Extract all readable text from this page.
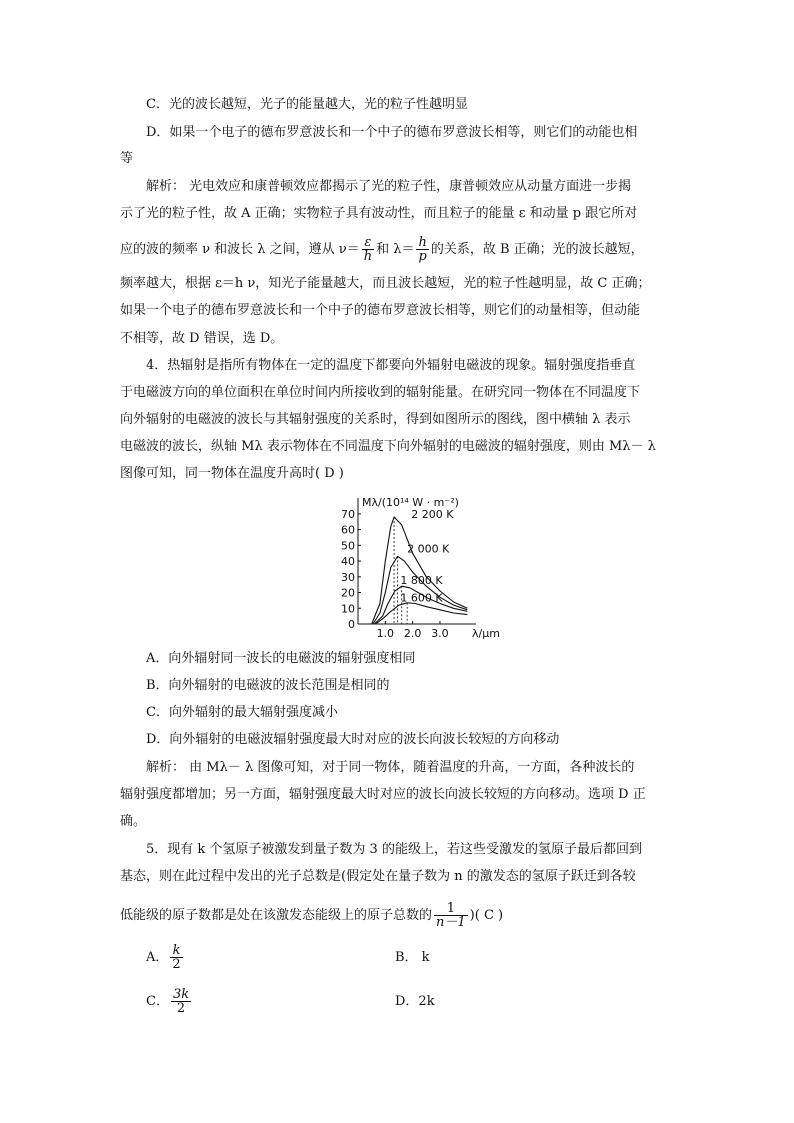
C．光的波长越短，光子的能量越大，光的粒子性越明显
D．如果一个电子的德布罗意波长和一个中子的德布罗意波长相等，则它们的动能也相
等
解析： 光电效应和康普顿效应都揭示了光的粒子性，康普顿效应从动量方面进一步揭
示了光的粒子性，故 A 正确；实物粒子具有波动性，而且粒子的能量 ε 和动量 p 跟它所对
应的波的频率 ν 和波长 λ 之间，遵从 $\nu= \frac{\varepsilon}{h}$ 和 $\lambda= \frac{h}{p}$ 的关系，故 B 正确；光的波长越短，
频率越大，根据 ε＝h ν，知光子能量越大，而且波长越短，光的粒子性越明显，故 C 正确；
如果一个电子的德布罗意波长和一个中子的德布罗意波长相等，则它们的动量相等，但动能
不相等，故 D 错误，选 D。
4．热辐射是指所有物体在一定的温度下都要向外辐射电磁波的现象。辐射强度指垂直
于电磁波方向的单位面积在单位时间内所接收到的辐射能量。在研究同一物体在不同温度下
向外辐射的电磁波的波长与其辐射强度的关系时，得到如图所示的图线，图中横轴 λ 表示
电磁波的波长，纵轴 Mλ 表示物体在不同温度下向外辐射的电磁波的辐射强度，则由 Mλ－ λ
图像可知，同一物体在温度升高时( D )
0
10
20
30
40
50
60
70
1.0 2.0 3.0
Mλ/(10¹⁴ W · m⁻²)
λ/μm
2 200 K
2 000 K
1 800 K
1 600 K
A．向外辐射同一波长的电磁波的辐射强度相同
B．向外辐射的电磁波的波长范围是相同的
C．向外辐射的最大辐射强度减小
D．向外辐射的电磁波辐射强度最大时对应的波长向波长较短的方向移动
解析： 由 Mλ－ λ 图像可知，对于同一物体，随着温度的升高，一方面，各种波长的
辐射强度都增加；另一方面，辐射强度最大时对应的波长向波长较短的方向移动。选项 D 正
确。
5．现有 k 个氢原子被激发到量子数为 3 的能级上，若这些受激发的氢原子最后都回到
基态，则在此过程中发出的光子总数是(假定处在量子数为 n 的激发态的氢原子跃迁到各较
低能级的原子数都是处在该激发态能级上的原子总数的 $\frac{1}{n-1}$ )( C )
A． $\frac{k}{2}$	B． k
C． $\frac{3k}{2}$	D．2k
